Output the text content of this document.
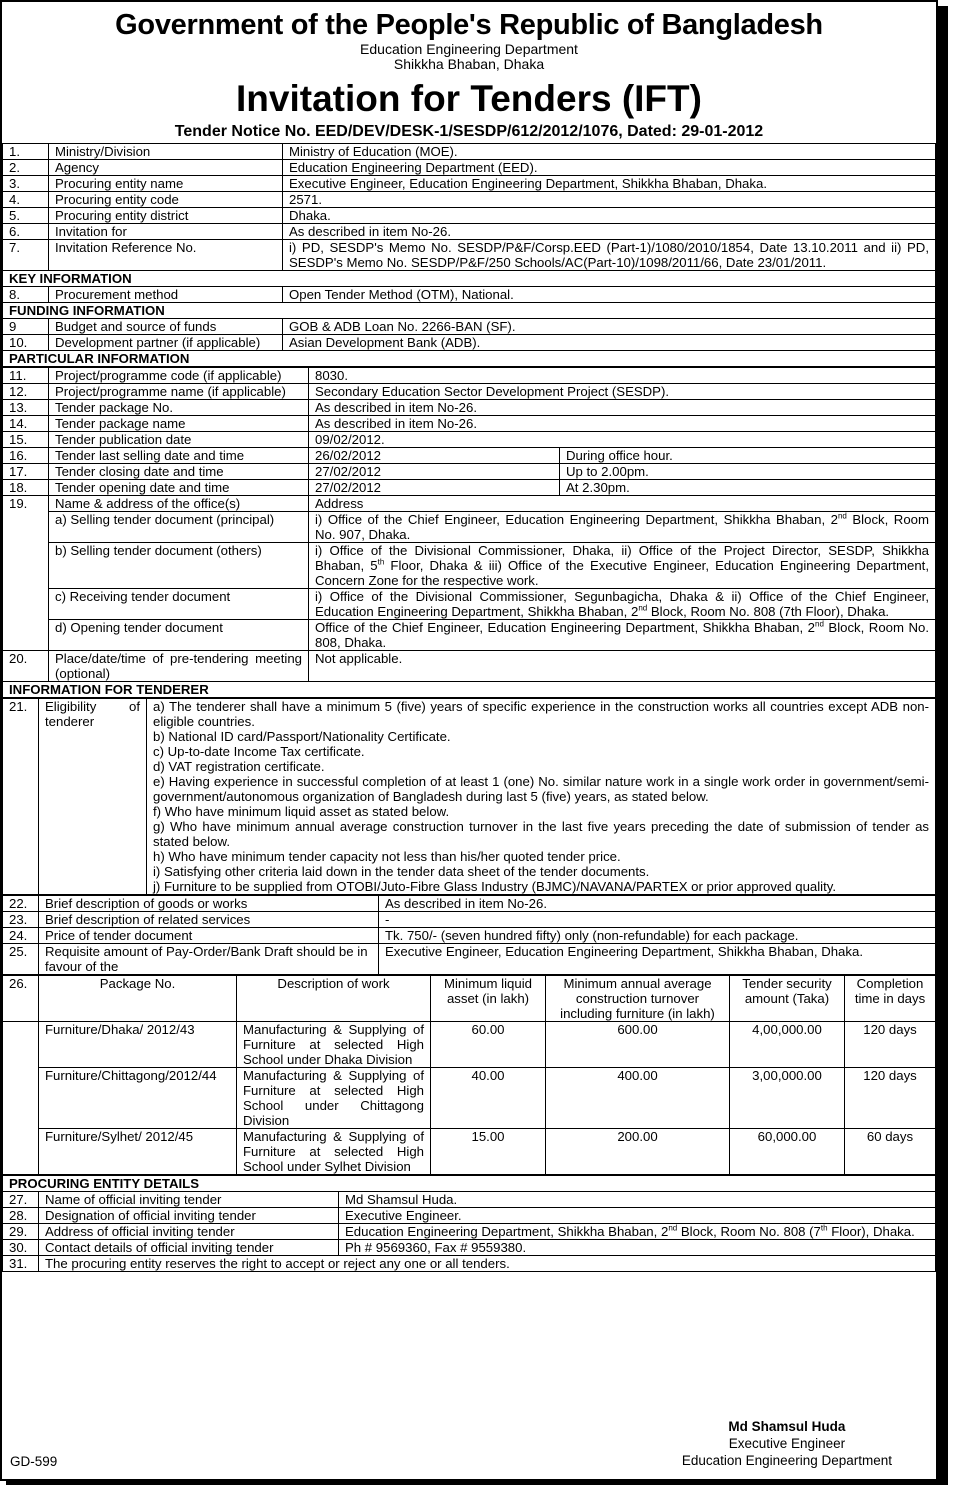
Government of the People's Republic of Bangladesh
Education Engineering Department
Shikkha Bhaban, Dhaka
Invitation for Tenders (IFT)
Tender Notice No. EED/DEV/DESK-1/SESDP/612/2012/1076, Dated: 29-01-2012
1.	Ministry/Division	Ministry of Education (MOE).
2.	Agency	Education Engineering Department (EED).
3.	Procuring entity name	Executive Engineer, Education Engineering Department, Shikkha Bhaban, Dhaka.
4.	Procuring entity code	2571.
5.	Procuring entity district	Dhaka.
6.	Invitation for	As described in item No-26.
7.	Invitation Reference No.	i) PD, SESDP's Memo No. SESDP/P&F/Corsp.EED (Part-1)/1080/2010/1854, Date 13.10.2011 and ii) PD, SESDP's Memo No. SESDP/P&F/250 Schools/AC(Part-10)/1098/2011/66, Date 23/01/2011.
KEY INFORMATION		
8.	Procurement method	Open Tender Method (OTM), National.
FUNDING INFORMATION		
9	Budget and source of funds	GOB & ADB Loan No. 2266-BAN (SF).
10.	Development partner (if applicable)	Asian Development Bank (ADB).
PARTICULAR INFORMATION		
11.	Project/programme code (if applicable)	8030.	
12.	Project/programme name (if applicable)	Secondary Education Sector Development Project (SESDP).	
13.	Tender package No.	As described in item No-26.	
14.	Tender package name	As described in item No-26.	
15.	Tender publication date	09/02/2012.	
16.	Tender last selling date and time	26/02/2012	During office hour.
17.	Tender closing date and time	27/02/2012	Up to 2.00pm.
18.	Tender opening date and time	27/02/2012	At 2.30pm.
19.	Name & address of the office(s)	Address	
	a) Selling tender document (principal)	i) Office of the Chief Engineer, Education Engineering Department, Shikkha Bhaban, 2nd Block, Room No. 907, Dhaka.	
	b) Selling tender document (others)	i) Office of the Divisional Commissioner, Dhaka, ii) Office of the Project Director, SESDP, Shikkha Bhaban, 5th Floor, Dhaka & iii) Office of the Executive Engineer, Education Engineering Department, Concern Zone for the respective work.	
	c) Receiving tender document	i) Office of the Divisional Commissioner, Segunbagicha, Dhaka & ii) Office of the Chief Engineer, Education Engineering Department, Shikkha Bhaban, 2nd Block, Room No. 808 (7th Floor), Dhaka.	
	d) Opening tender document	Office of the Chief Engineer, Education Engineering Department, Shikkha Bhaban, 2nd Block, Room No. 808, Dhaka.	
20.	Place/date/time of pre-tendering meeting (optional)	Not applicable.	
INFORMATION FOR TENDERER			
21.	Eligibility of tenderer	
a) The tenderer shall have a minimum 5 (five) years of specific experience in the construction works all countries except ADB non-eligible countries.
b) National ID card/Passport/Nationality Certificate.
c) Up-to-date Income Tax certificate.
d) VAT registration certificate.
e) Having experience in successful completion of at least 1 (one) No. similar nature work in a single work order in government/semi-government/autonomous organization of Bangladesh during last 5 (five) years, as stated below.
f) Who have minimum liquid asset as stated below.
g) Who have minimum annual average construction turnover in the last five years preceding the date of submission of tender as stated below.
h) Who have minimum tender capacity not less than his/her quoted tender price.
i) Satisfying other criteria laid down in the tender data sheet of the tender documents.
j) Furniture to be supplied from OTOBI/Juto-Fibre Glass Industry (BJMC)/NAVANA/PARTEX or prior approved quality.
22.	Brief description of goods or works	As described in item No-26.
23.	Brief description of related services	-
24.	Price of tender document	Tk. 750/- (seven hundred fifty) only (non-refundable) for each package.
25.	Requisite amount of Pay-Order/Bank Draft should be in favour of the	Executive Engineer, Education Engineering Department, Shikkha Bhaban, Dhaka.
26.	Package No.	Description of work	Minimum liquid asset (in lakh)	Minimum annual average construction turnover including furniture (in lakh)	Tender security amount (Taka)	Completion time in days
	Furniture/Dhaka/ 2012/43	Manufacturing & Supplying of Furniture at selected High School under Dhaka Division	60.00	600.00	4,00,000.00	120 days
	Furniture/Chittagong/2012/44	Manufacturing & Supplying of Furniture at selected High School under Chittagong Division	40.00	400.00	3,00,000.00	120 days
	Furniture/Sylhet/ 2012/45	Manufacturing & Supplying of Furniture at selected High School under Sylhet Division	15.00	200.00	60,000.00	60 days
PROCURING ENTITY DETAILS		
27.	Name of official inviting tender	Md Shamsul Huda.
28.	Designation of official inviting tender	Executive Engineer.
29.	Address of official inviting tender	Education Engineering Department, Shikkha Bhaban, 2nd Block, Room No. 808 (7th Floor), Dhaka.
30.	Contact details of official inviting tender	Ph # 9569360, Fax # 9559380.
31.	The procuring entity reserves the right to accept or reject any one or all tenders.	
Md Shamsul Huda
Executive Engineer
Education Engineering Department
GD-599
